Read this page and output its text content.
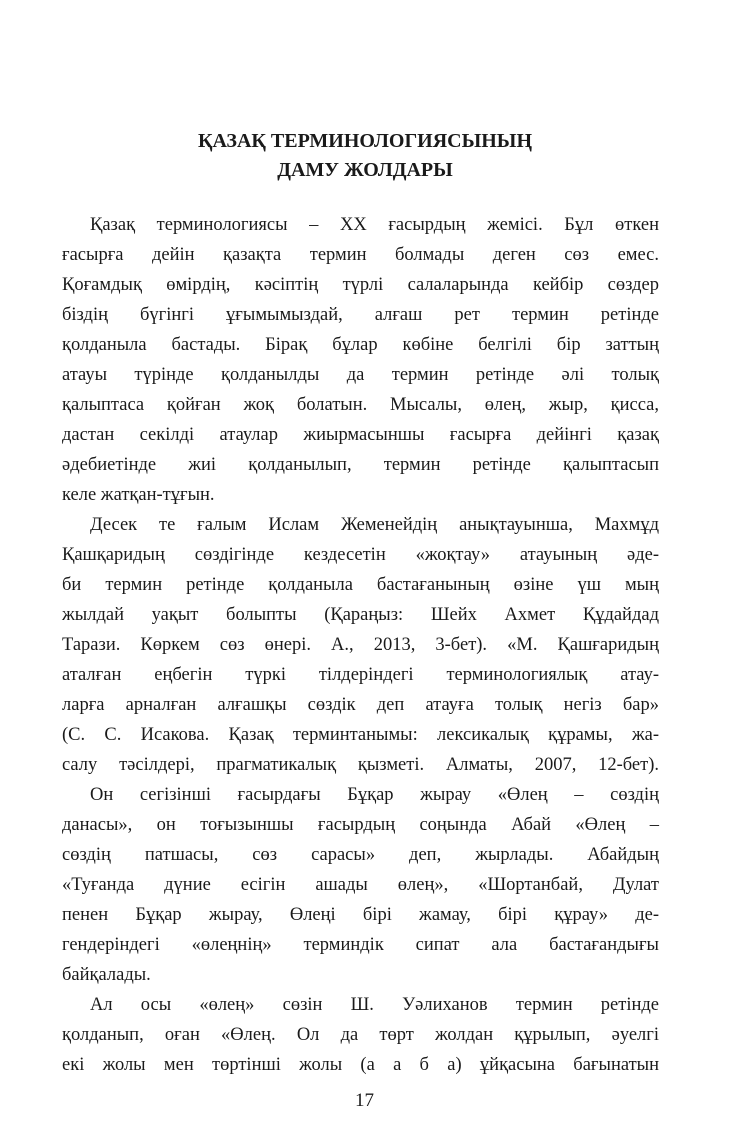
ҚАЗАҚ ТЕРМИНОЛОГИЯСЫНЫҢ
ДАМУ ЖОЛДАРЫ

Қазақ терминологиясы – ХХ ғасырдың жемісі. Бұл өткен

ғасырға дейін қазақта термин болмады деген сөз емес.

Қоғамдық өмірдің, кәсіптің түрлі салаларында кейбір сөздер

біздің бүгінгі ұғымымыздай, алғаш рет термин ретінде

қолданыла бастады. Бірақ бұлар көбіне белгілі бір заттың

атауы түрінде қолданылды да термин ретінде әлі толық

қалыптаса қойған жоқ болатын. Мысалы, өлең, жыр, қисса,

дастан секілді атаулар жиырмасыншы ғасырға дейінгі қазақ

әдебиетінде жиі қолданылып, термин ретінде қалыптасып

келе жатқан-тұғын.

Десек те ғалым Ислам Жеменейдің анықтауынша, Махмұд

Қашқаридың сөздігінде кездесетін «жоқтау» атауының әде-

би термин ретінде қолданыла бастағанының өзіне үш мың

жылдай уақыт болыпты (Қараңыз: Шейх Ахмет Құдайдад

Тарази. Көркем сөз өнері. А., 2013, 3-бет). «М. Қашғаридың

аталған еңбегін түркі тілдеріндегі терминологиялық атау-

ларға арналған алғашқы сөздік деп атауға толық негіз бар»

(С. С. Исакова. Қазақ терминтанымы: лексикалық құрамы, жа-

салу тәсілдері, прагматикалық қызметі. Алматы, 2007, 12-бет).

Он сегізінші ғасырдағы Бұқар жырау «Өлең – сөздің

данасы», он тоғызыншы ғасырдың соңында Абай «Өлең –

сөздің патшасы, сөз сарасы» деп, жырлады. Абайдың

«Туғанда дүние есігін ашады өлең», «Шортанбай, Дулат

пенен Бұқар жырау, Өлеңі бірі жамау, бірі құрау» де-

гендеріндегі «өлеңнің» терминдік сипат ала бастағандығы

байқалады.

Ал осы «өлең» сөзін Ш. Уәлиханов термин ретінде

қолданып, оған «Өлең. Ол да төрт жолдан құрылып, әуелгі

екі жолы мен төртінші жолы (а а б а) ұйқасына бағынатын

17
